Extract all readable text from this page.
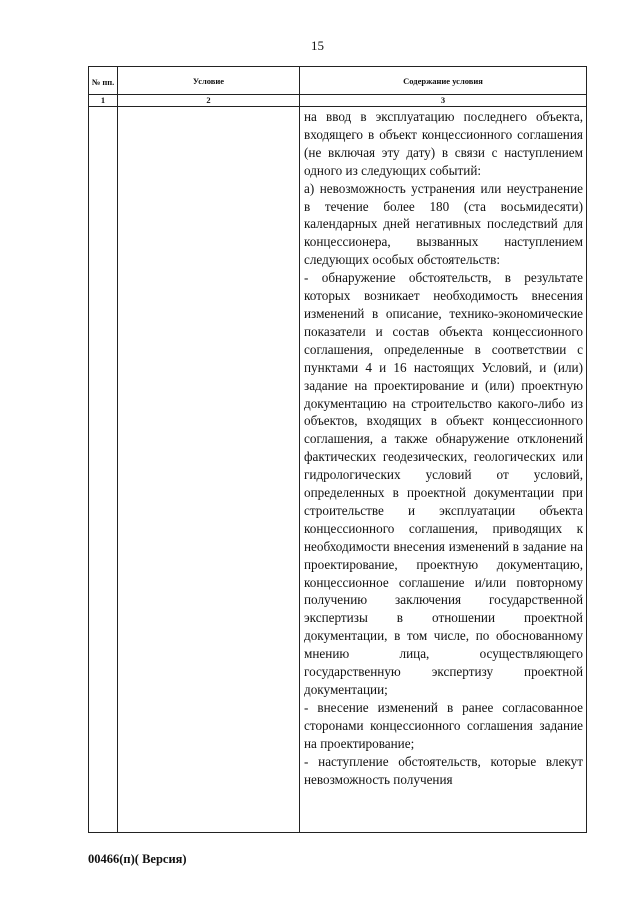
15
№ пп.	Условие	Содержание условия
1	2	3

		на ввод в эксплуатацию последнего объекта, входящего в объект концессионного соглашения (не включая эту дату) в связи с наступлением одного из следующих событий:

а) невозможность устранения или неустранение в течение более 180 (ста восьмидесяти) календарных дней негативных последствий для концессионера, вызванных наступлением следующих особых обстоятельств:

- обнаружение обстоятельств, в результате которых возникает необходимость внесения изменений в описание, технико-экономические показатели и состав объекта концессионного соглашения, определенные в соответствии с пунктами 4 и 16 настоящих Условий, и (или) задание на проектирование и (или) проектную документацию на строительство какого-либо из объектов, входящих в объект концессионного соглашения, а также обнаружение отклонений фактических геодезических, геологических или гидрологических условий от условий, определенных в проектной документации при строительстве и эксплуатации объекта концессионного соглашения, приводящих к необходимости внесения изменений в задание на проектирование, проектную документацию, концессионное соглашение и/или повторному получению заключения государственной экспертизы в отношении проектной документации, в том числе, по обоснованному мнению лица, осуществляющего государственную экспертизу проектной документации;

- внесение изменений в ранее согласованное сторонами концессионного соглашения задание на проектирование;

- наступление обстоятельств, которые влекут невозможность получения

00466(п)( Версия)
